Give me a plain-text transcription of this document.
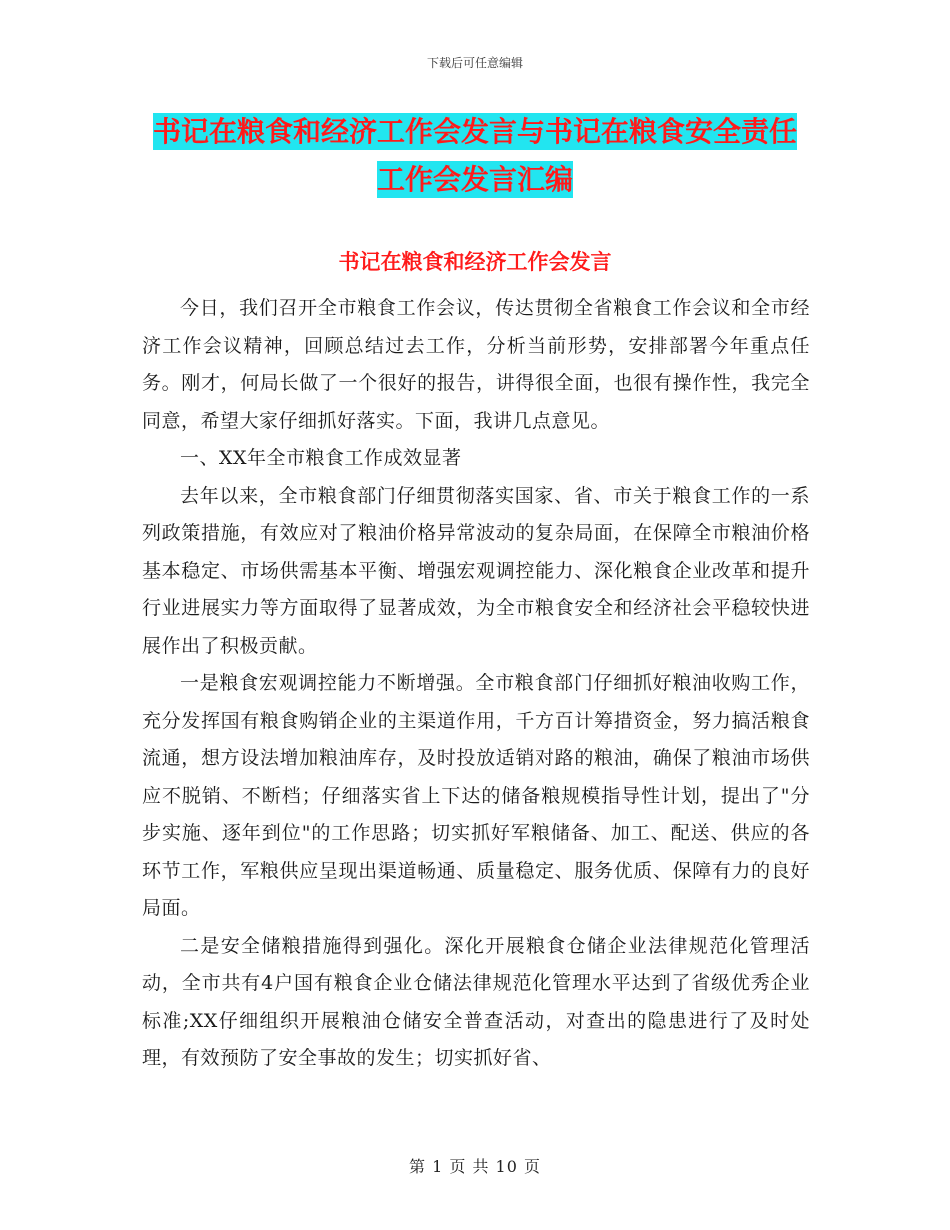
下载后可任意编辑
书记在粮食和经济工作会发言与书记在粮食安全责任
工作会发言汇编
书记在粮食和经济工作会发言

今日，我们召开全市粮食工作会议，传达贯彻全省粮食工作会议和全市经济工作会议精神，回顾总结过去工作，分析当前形势，安排部署今年重点任务。刚才，何局长做了一个很好的报告，讲得很全面，也很有操作性，我完全同意，希望大家仔细抓好落实。下面，我讲几点意见。

一、XX年全市粮食工作成效显著

去年以来，全市粮食部门仔细贯彻落实国家、省、市关于粮食工作的一系列政策措施，有效应对了粮油价格异常波动的复杂局面，在保障全市粮油价格基本稳定、市场供需基本平衡、增强宏观调控能力、深化粮食企业改革和提升行业进展实力等方面取得了显著成效，为全市粮食安全和经济社会平稳较快进展作出了积极贡献。

一是粮食宏观调控能力不断增强。全市粮食部门仔细抓好粮油收购工作，充分发挥国有粮食购销企业的主渠道作用，千方百计筹措资金，努力搞活粮食流通，想方设法增加粮油库存，及时投放适销对路的粮油，确保了粮油市场供应不脱销、不断档；仔细落实省上下达的储备粮规模指导性计划，提出了"分步实施、逐年到位"的工作思路；切实抓好军粮储备、加工、配送、供应的各环节工作，军粮供应呈现出渠道畅通、质量稳定、服务优质、保障有力的良好局面。

二是安全储粮措施得到强化。深化开展粮食仓储企业法律规范化管理活动，全市共有4户国有粮食企业仓储法律规范化管理水平达到了省级优秀企业标准;XX仔细组织开展粮油仓储安全普查活动，对查出的隐患进行了及时处理，有效预防了安全事故的发生；切实抓好省、

第 1 页 共 10 页
